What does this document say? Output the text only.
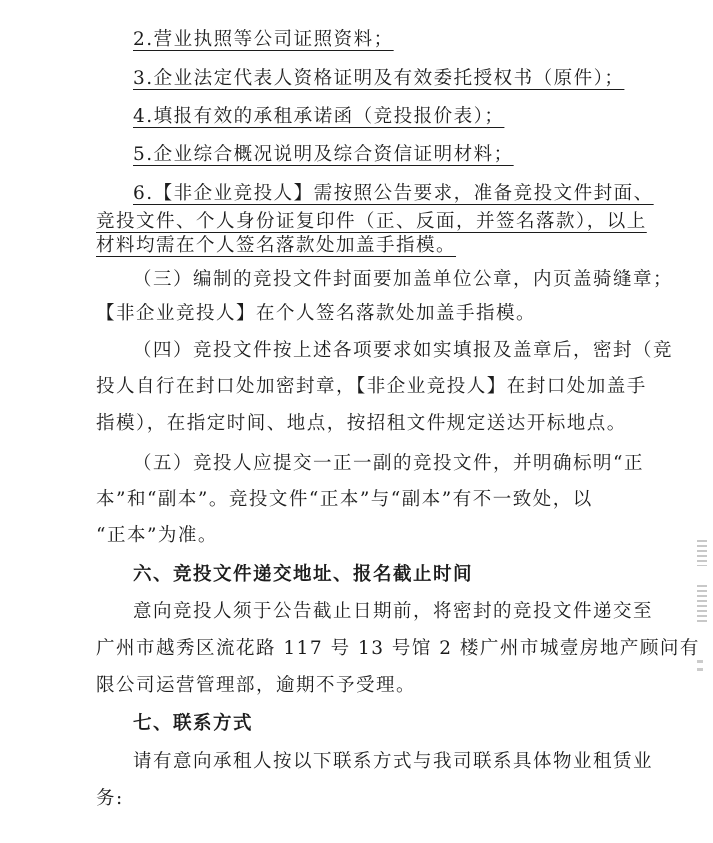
2.营业执照等公司证照资料；
3.企业法定代表人资格证明及有效委托授权书（原件）；
4.填报有效的承租承诺函（竞投报价表）；
5.企业综合概况说明及综合资信证明材料；
6.【非企业竞投人】需按照公告要求，准备竞投文件封面、
竞投文件、个人身份证复印件（正、反面，并签名落款），以上
材料均需在个人签名落款处加盖手指模。
（三）编制的竞投文件封面要加盖单位公章，内页盖骑缝章；
【非企业竞投人】在个人签名落款处加盖手指模。
（四）竞投文件按上述各项要求如实填报及盖章后，密封（竞
投人自行在封口处加密封章，【非企业竞投人】在封口处加盖手
指模），在指定时间、地点，按招租文件规定送达开标地点。
（五）竞投人应提交一正一副的竞投文件，并明确标明“正
本”和“副本”。竞投文件“正本”与“副本”有不一致处，以
“正本”为准。
六、竞投文件递交地址、报名截止时间
意向竞投人须于公告截止日期前，将密封的竞投文件递交至
广州市越秀区流花路 117 号 13 号馆 2 楼广州市城壹房地产顾问有
限公司运营管理部，逾期不予受理。
七、联系方式
请有意向承租人按以下联系方式与我司联系具体物业租赁业
务:
